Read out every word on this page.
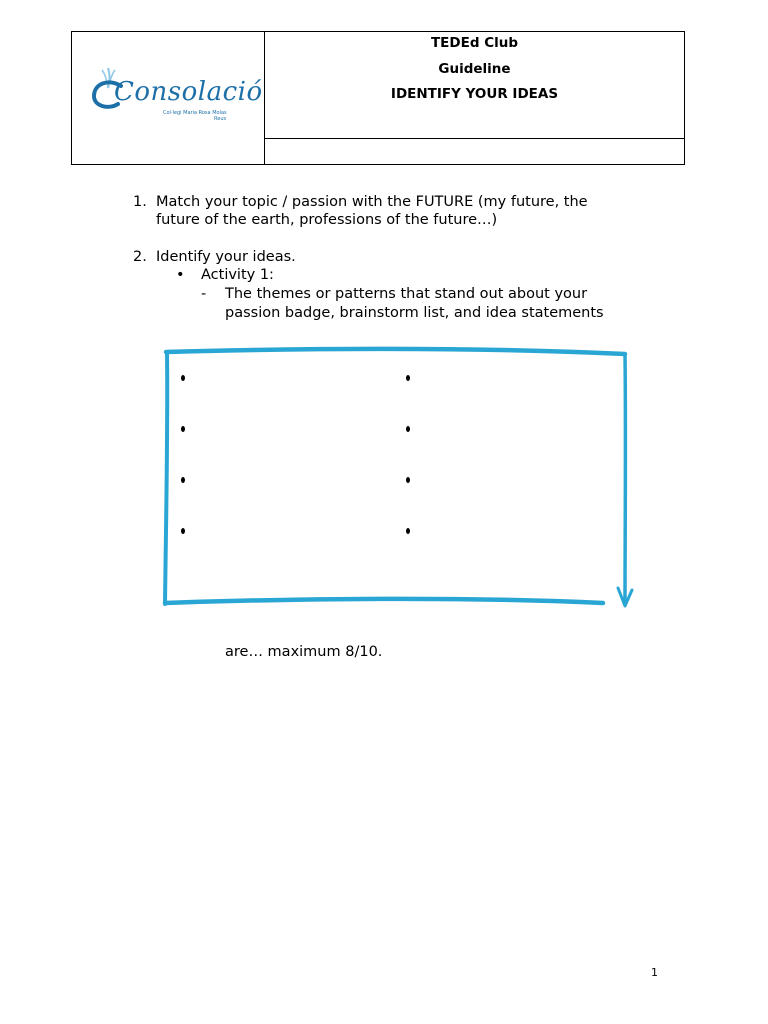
Consolació
Col·legi Maria Rosa Molas
Reus
TEDEd Club
Guideline
IDENTIFY YOUR IDEAS
1. Match your topic / passion with the FUTURE (my future, the
future of the earth, professions of the future…)
2. Identify your ideas.
• Activity 1:
- The themes or patterns that stand out about your
passion badge, brainstorm list, and idea statements
are… maximum 8/10.
1
